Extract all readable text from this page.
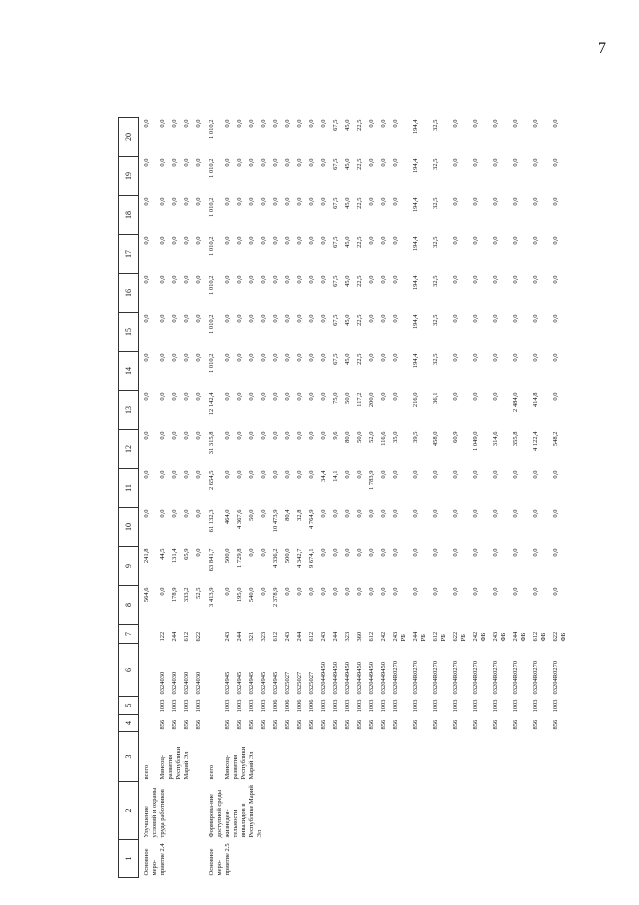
7
1	2	3	4	5	6	7	8	9	10	11	12	13	14	15	16	17	18	19	20
Основное меро-приятие 2.4	Улучшение условий и охраны труда работников	всего					564,6	241,8	0,0	0,0	0,0	0,0	0,0	0,0	0,0	0,0	0,0	0,0	0,0
		Минсоц-развития Республики Марий Эл	856	1003	0324030	122	0,0	44,5	0,0	0,0	0,0	0,0	0,0	0,0	0,0	0,0	0,0	0,0	0,0
			856	1003	0324030	244	178,9	131,4	0,0	0,0	0,0	0,0	0,0	0,0	0,0	0,0	0,0	0,0	0,0
			856	1003	0324030	612	333,2	65,9	0,0	0,0	0,0	0,0	0,0	0,0	0,0	0,0	0,0	0,0	0,0
			856	1003	0324030	622	52,5	0,0	0,0	0,0	0,0	0,0	0,0	0,0	0,0	0,0	0,0	0,0	0,0
Основное меро-приятие 2.5	Формирова-ние доступной среды жизнедея-тельности инвалидов в Республике Марий Эл	всего					3 413,9	63 841,7	61 132,3	2 654,5	31 315,8	12 142,4	1 010,2	1 010,2	1 010,2	1 010,2	1 010,2	1 010,2	1 010,2
		Минсоц-развития Республики Марий Эл	856	1003	0324945	243	0,0	500,0	464,0	0,0	0,0	0,0	0,0	0,0	0,0	0,0	0,0	0,0	0,0
			856	1003	0324945	244	195,0	1 729,8	4 367,6	0,0	0,0	0,0	0,0	0,0	0,0	0,0	0,0	0,0	0,0
			856	1003	0324945	321	540,0	0,0	50,0	0,0	0,0	0,0	0,0	0,0	0,0	0,0	0,0	0,0	0,0
			856	1003	0324945	323	0,0	0,0	0,0	0,0	0,0	0,0	0,0	0,0	0,0	0,0	0,0	0,0	0,0
			856	1006	0324945	612	2 378,9	4 336,2	10 473,9	0,0	0,0	0,0	0,0	0,0	0,0	0,0	0,0	0,0	0,0
			856	1006	0325027	243	0,0	500,0	80,4	0,0	0,0	0,0	0,0	0,0	0,0	0,0	0,0	0,0	0,0
			856	1006	0325027	244	0,0	4 342,7	32,8	0,0	0,0	0,0	0,0	0,0	0,0	0,0	0,0	0,0	0,0
			856	1006	0325027	612	0,0	9 674,1	4 764,9	0,0	0,0	0,0	0,0	0,0	0,0	0,0	0,0	0,0	0,0
			856	1003	0320449450	243	0,0	0,0	0,0	34,4	0,0	0,0	0,0	0,0	0,0	0,0	0,0	0,0	0,0
			856	1003	0320449450	244	0,0	0,0	0,0	14,1	9,6	75,0	67,5	67,5	67,5	67,5	67,5	67,5	67,5
			856	1003	0320449450	323	0,0	0,0	0,0	0,0	80,0	50,0	45,0	45,0	45,0	45,0	45,0	45,0	45,0
			856	1003	0320449450	360	0,0	0,0	0,0	0,0	50,0	117,2	22,5	22,5	22,5	22,5	22,5	22,5	22,5
			856	1003	0320449450	612	0,0	0,0	0,0	1 783,9	52,0	200,0	0,0	0,0	0,0	0,0	0,0	0,0	0,0
			856	1003	0320449450	242	0,0	0,0	0,0	0,0	116,6	0,0	0,0	0,0	0,0	0,0	0,0	0,0	0,0
			856	1003	03204R0270	243 РБ	0,0	0,0	0,0	0,0	35,0	0,0	0,0	0,0	0,0	0,0	0,0	0,0	0,0
			856	1003	03204R0270	244 РБ	0,0	0,0	0,0	0,0	39,5	216,0	194,4	194,4	194,4	194,4	194,4	194,4	194,4
			856	1003	03204R0270	612 РБ	0,0	0,0	0,0	0,0	458,0	36,1	32,5	32,5	32,5	32,5	32,5	32,5	32,5
			856	1003	03204R0270	622 РБ	0,0	0,0	0,0	0,0	60,9	0,0	0,0	0,0	0,0	0,0	0,0	0,0	0,0
			856	1003	03204R0270	242 ФБ	0,0	0,0	0,0	0,0	1 049,0	0,0	0,0	0,0	0,0	0,0	0,0	0,0	0,0
			856	1003	03204R0270	243 ФБ	0,0	0,0	0,0	0,0	314,6	0,0	0,0	0,0	0,0	0,0	0,0	0,0	0,0
			856	1003	03204R0270	244 ФБ	0,0	0,0	0,0	0,0	355,8	2 484,0	0,0	0,0	0,0	0,0	0,0	0,0	0,0
			856	1003	03204R0270	612 ФБ	0,0	0,0	0,0	0,0	4 122,4	414,8	0,0	0,0	0,0	0,0	0,0	0,0	0,0
			856	1003	03204R0270	622 ФБ	0,0	0,0	0,0	0,0	548,2	0,0	0,0	0,0	0,0	0,0	0,0	0,0	0,0
